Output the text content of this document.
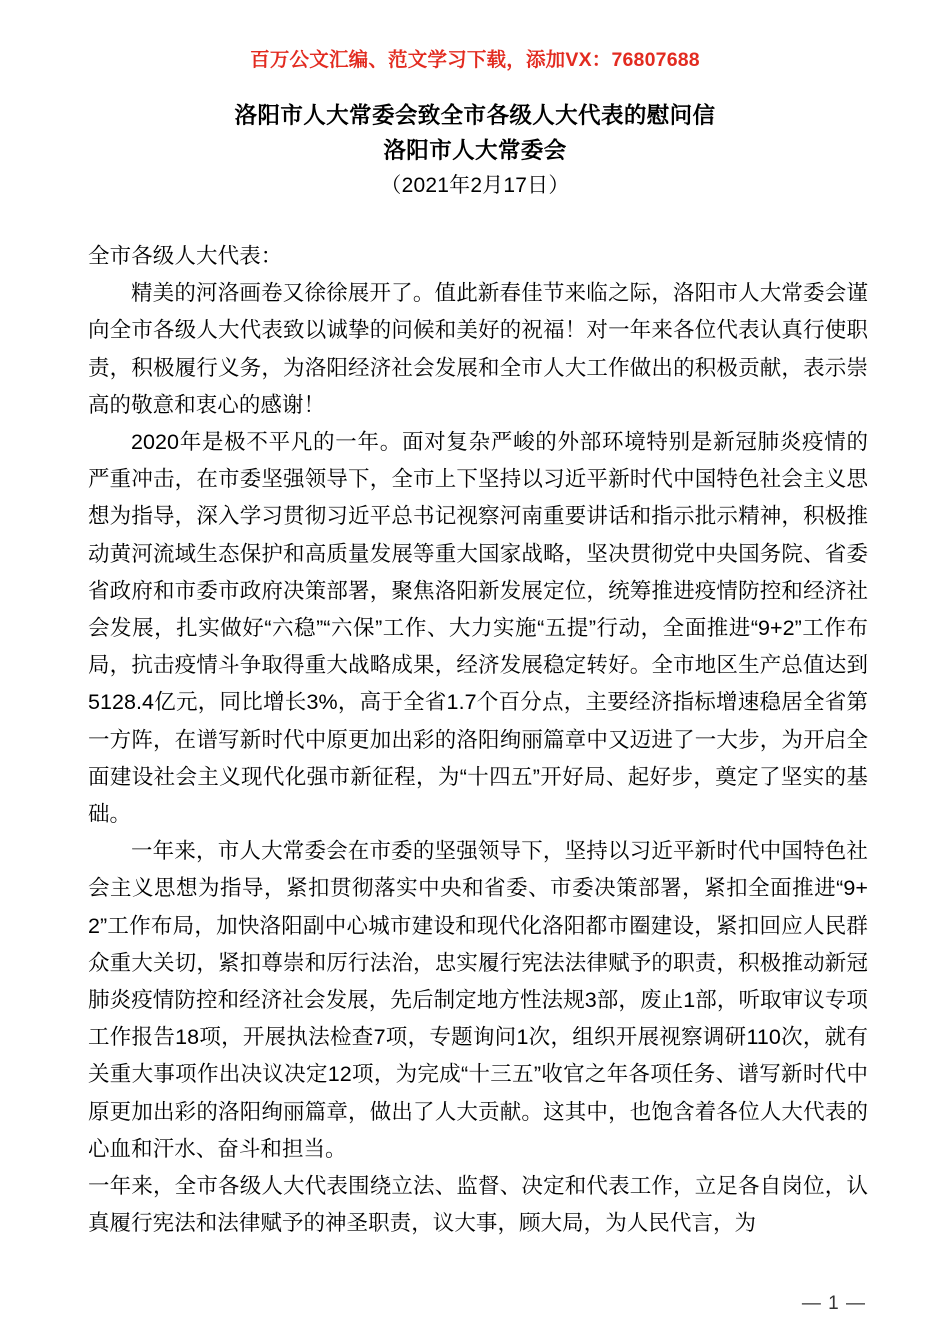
百万公文汇编、范文学习下载，添加VX：76807688
洛阳市人大常委会致全市各级人大代表的慰问信
洛阳市人大常委会
（2021年2月17日）
全市各级人大代表：

精美的河洛画卷又徐徐展开了。值此新春佳节来临之际，洛阳市人大常委会谨向全市各级人大代表致以诚挚的问候和美好的祝福！对一年来各位代表认真行使职责，积极履行义务，为洛阳经济社会发展和全市人大工作做出的积极贡献，表示崇高的敬意和衷心的感谢！

2020年是极不平凡的一年。面对复杂严峻的外部环境特别是新冠肺炎疫情的严重冲击，在市委坚强领导下，全市上下坚持以习近平新时代中国特色社会主义思想为指导，深入学习贯彻习近平总书记视察河南重要讲话和指示批示精神，积极推动黄河流域生态保护和高质量发展等重大国家战略，坚决贯彻党中央国务院、省委省政府和市委市政府决策部署，聚焦洛阳新发展定位，统筹推进疫情防控和经济社会发展，扎实做好“六稳”“六保”工作、大力实施“五提”行动，全面推进“9+2”工作布局，抗击疫情斗争取得重大战略成果，经济发展稳定转好。全市地区生产总值达到5128.4亿元，同比增长3%，高于全省1.7个百分点，主要经济指标增速稳居全省第一方阵，在谱写新时代中原更加出彩的洛阳绚丽篇章中又迈进了一大步，为开启全面建设社会主义现代化强市新征程，为“十四五”开好局、起好步，奠定了坚实的基础。

一年来，市人大常委会在市委的坚强领导下，坚持以习近平新时代中国特色社会主义思想为指导，紧扣贯彻落实中央和省委、市委决策部署，紧扣全面推进“9+2”工作布局，加快洛阳副中心城市建设和现代化洛阳都市圈建设，紧扣回应人民群众重大关切，紧扣尊崇和厉行法治，忠实履行宪法法律赋予的职责，积极推动新冠肺炎疫情防控和经济社会发展，先后制定地方性法规3部，废止1部，听取审议专项工作报告18项，开展执法检查7项，专题询问1次，组织开展视察调研110次，就有关重大事项作出决议决定12项，为完成“十三五”收官之年各项任务、谱写新时代中原更加出彩的洛阳绚丽篇章，做出了人大贡献。这其中，也饱含着各位人大代表的心血和汗水、奋斗和担当。

一年来，全市各级人大代表围绕立法、监督、决定和代表工作，立足各自岗位，认真履行宪法和法律赋予的神圣职责，议大事，顾大局，为人民代言，为

— 1 —
